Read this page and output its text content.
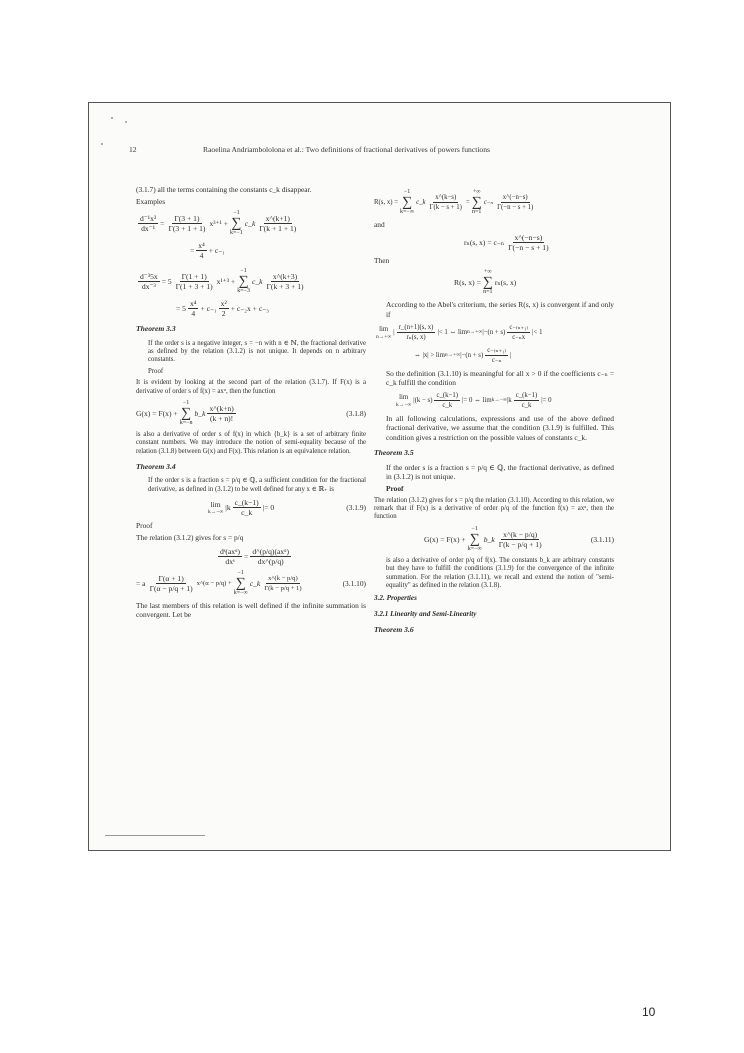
12	Raoelina Andriambololona et al.: Two definitions of fractional derivatives of powers functions

(3.1.7) all the terms containing the constants c_k disappear.

Examples

$\frac{\text{d⁻¹x³}}{\text{dx⁻¹}} = \frac{\Gamma(3 + 1)}{\Gamma(3 + 1 + 1)} x^{3+1}$ +
−1
∑
k=−1
c_k $\frac{x\^{}(k+1)}{\Gamma(k + 1 + 1)}$
= $\frac{\text{x⁴}}{4} + c_{-1}$
$\frac{\text{d⁻³5x}}{\text{dx⁻³}} = 5 \frac{\Gamma(1 + 1)}{\Gamma(1 + 3 + 1)} x^{1+3}$ +
−1
∑
k=−3
c_k $\frac{x\^{}(k+3)}{\Gamma(k + 3 + 1)}$
= $5 \frac{\text{x⁴}}{4} + c_{-1} \frac{\text{x²}}{2} + c_{-2}x + c_{-3}$
Theorem 3.3

If the order s is a negative integer, s = −n with n ∈ ℕ, the fractional derivative as defined by the relation (3.1.2) is not unique. It depends on n arbitrary constants.

Proof

It is evident by looking at the second part of the relation (3.1.7). If F(x) is a derivative of order s of f(x) = axᵅ, then the function

G(x) = F(x) +
−1
∑
k=−n
b_k $\frac{x\^{}(k+n)}{(k + n)!}$	(3.1.8)

is also a derivative of order s of f(x) in which {b_k} is a set of arbitrary finite constant numbers. We may introduce the notion of semi-equality because of the relation (3.1.8) between G(x) and F(x). This relation is an equivalence relation.

Theorem 3.4

If the order s is a fraction s = p/q ∈ ℚ, a sufficient condition for the fractional derivative, as defined in (3.1.2) to be well defined for any x ∈ ℝ₊ is

lim
k→−∞
| k $\frac{c\_(k-1)}{c\_k}$ | = 0	(3.1.9)

Proof

The relation (3.1.2) gives for s = p/q

$\frac{\text{dˢ(axᵅ)}}{\text{dxˢ}} = \frac{\text{d\textasciicircum{}(p/q)(axᵅ)}}{dx\^{}(p/q)}$
= a $\frac{\Gamma(\alpha + 1)}{\Gamma(\alpha - p/q + 1)}$ x^(α − p/q) +
−1
∑
k=−∞
c_k $\frac{x\^{}(k - p/q)}{\Gamma(k - p/q + 1)}$	(3.1.10)

The last members of this relation is well defined if the infinite summation is convergent. Let be

R(s, x) =
−1
∑
k=−∞
c_k $\frac{x\^{}(k-s)}{\Gamma(k - s + 1)}$ =
+∞
∑
n=1
$c_{-n} \frac{x\^{}(-n-s)}{\Gamma(-n - s + 1)}$

and

rₙ(s, $x) = c_{-n} \frac{x\^{}(-n-s)}{\Gamma(-n - s + 1)}$

Then

R(s, x) =
+∞
∑
n=1
rₙ(s, x)

According to the Abel's criterium, the series R(s, x) is convergent if and only if

lim
n→+∞
| $\frac{r\_(n+1)(s, x)}{\text{rₙ(s, x)}}$ | < 1 ⇔ lim n→+∞ | $-(n + s) \frac{\text{c₋₍ₙ₊₁₎}}{\text{c₋ₙx}}$ | < 1
⇔ |x| > lim n→+∞ | $-(n + s) \frac{\text{c₋₍ₙ₊₁₎}}{\text{c₋ₙ}}$ |

So the definition (3.1.10) is meaningful for all x > 0 if the coefficients c₋ₙ = c_k fulfill the condition

lim
k→−∞
| $(k - s) \frac{c\_(k-1)}{c\_k}$ | = 0 ⇔ lim k→−∞ | k $\frac{c\_(k-1)}{c\_k}$ | = 0

In all following calculations, expressions and use of the above defined fractional derivative, we assume that the condition (3.1.9) is fulfilled. This condition gives a restriction on the possible values of constants c_k.

Theorem 3.5

If the order s is a fraction s = p/q ∈ ℚ, the fractional derivative, as defined in (3.1.2) is not unique.

Proof

The relation (3.1.2) gives for s = p/q the relation (3.1.10). According to this relation, we remark that if F(x) is a derivative of order p/q of the function f(x) = axᵅ, then the function

G(x) = F(x) +
−1
∑
k=−∞
b_k $\frac{x\^{}(k - p/q)}{\Gamma(k - p/q + 1)}$	(3.1.11)

is also a derivative of order p/q of f(x). The constants b_k are arbitrary constants but they have to fulfill the conditions (3.1.9) for the convergence of the infinite summation. For the relation (3.1.11), we recall and extend the notion of "semi-equality" as defined in the relation (3.1.8).

3.2. Properties
3.2.1 Linearity and Semi-Linearity
Theorem 3.6
10
